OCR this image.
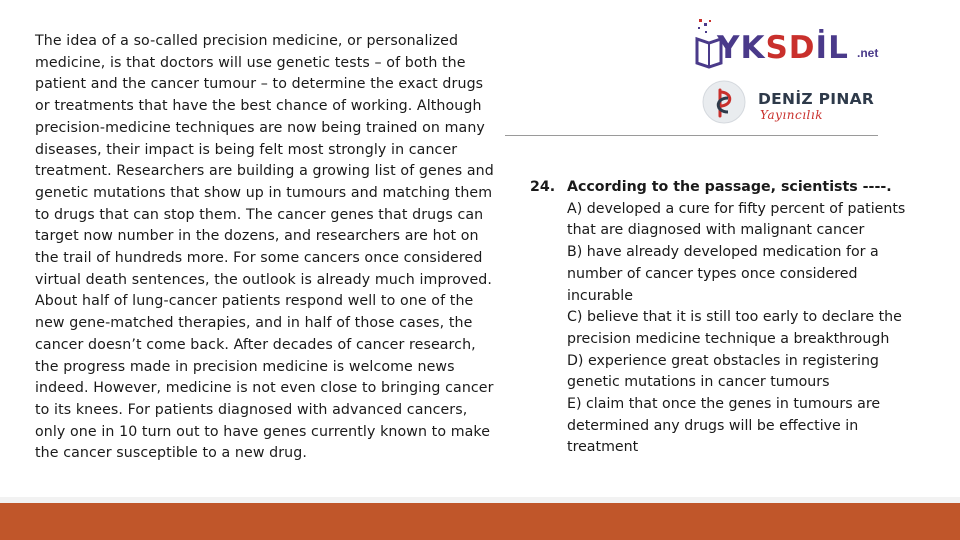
The idea of a so-called precision medicine, or personalized medicine, is that doctors will use genetic tests – of both the patient and the cancer tumour – to determine the exact drugs or treatments that have the best chance of working. Although precision-medicine techniques are now being trained on many diseases, their impact is being felt most strongly in cancer treatment. Researchers are building a growing list of genes and genetic mutations that show up in tumours and matching them to drugs that can stop them. The cancer genes that drugs can target now number in the dozens, and researchers are hot on the trail of hundreds more. For some cancers once considered virtual death sentences, the outlook is already much improved. About half of lung-cancer patients respond well to one of the new gene-matched therapies, and in half of those cases, the cancer doesn’t come back. After decades of cancer research, the progress made in precision medicine is welcome news indeed. However, medicine is not even close to bringing cancer to its knees. For patients diagnosed with advanced cancers, only one in 10 turn out to have genes currently known to make the cancer susceptible to a new drug.

YKSDİL .net
DENİZ PINAR
Yayıncılık
24. According to the passage, scientists ----.
A) developed a cure for fifty percent of patients that are diagnosed with malignant cancer
B) have already developed medication for a number of cancer types once considered incurable
C) believe that it is still too early to declare the precision medicine technique a breakthrough
D) experience great obstacles in registering genetic mutations in cancer tumours
E) claim that once the genes in tumours are determined any drugs will be effective in treatment
